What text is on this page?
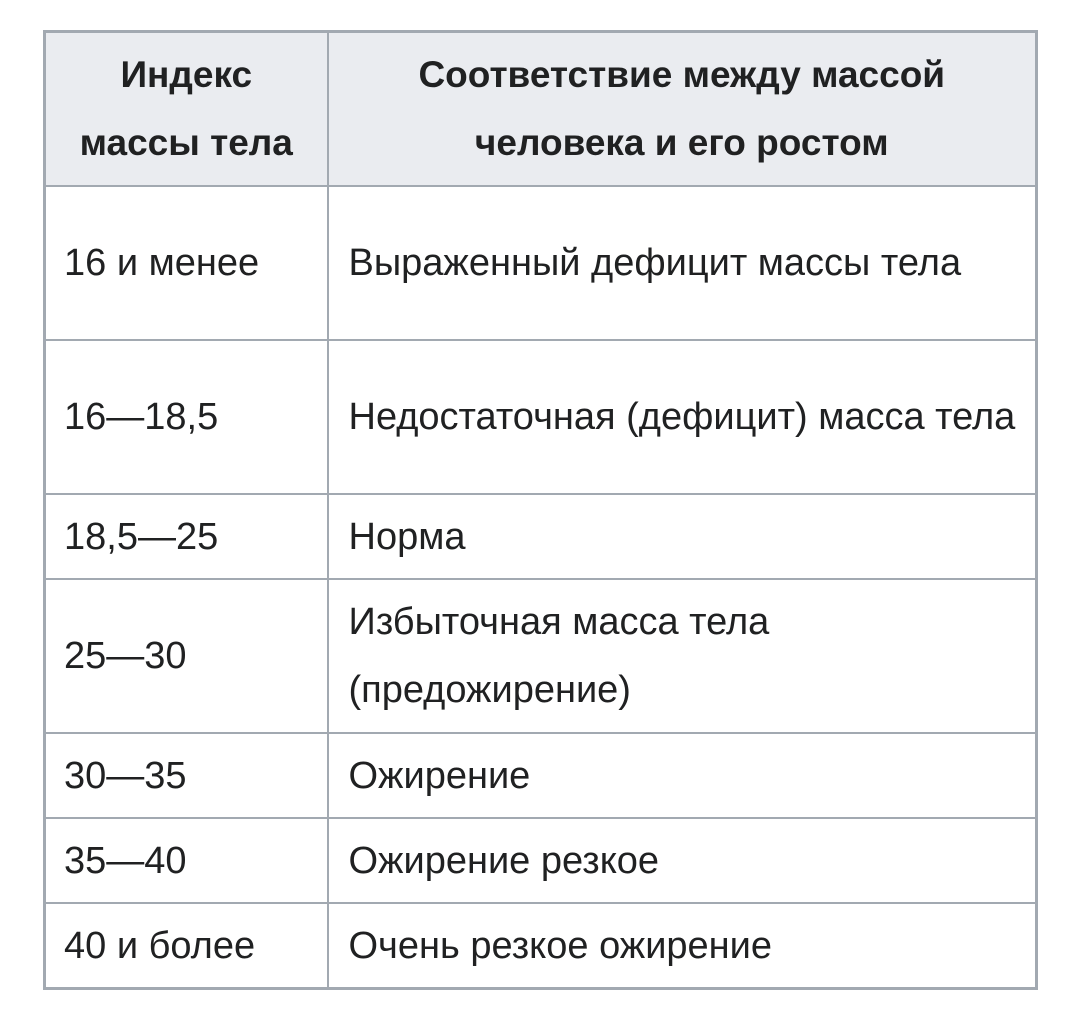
Индекс массы тела	Соответствие между массой человека и его ростом
16 и менее	Выраженный дефицит массы тела
16—18,5	Недостаточная (дефицит) масса тела
18,5—25	Норма
25—30	Избыточная масса тела (предожирение)
30—35	Ожирение
35—40	Ожирение резкое
40 и более	Очень резкое ожирение
